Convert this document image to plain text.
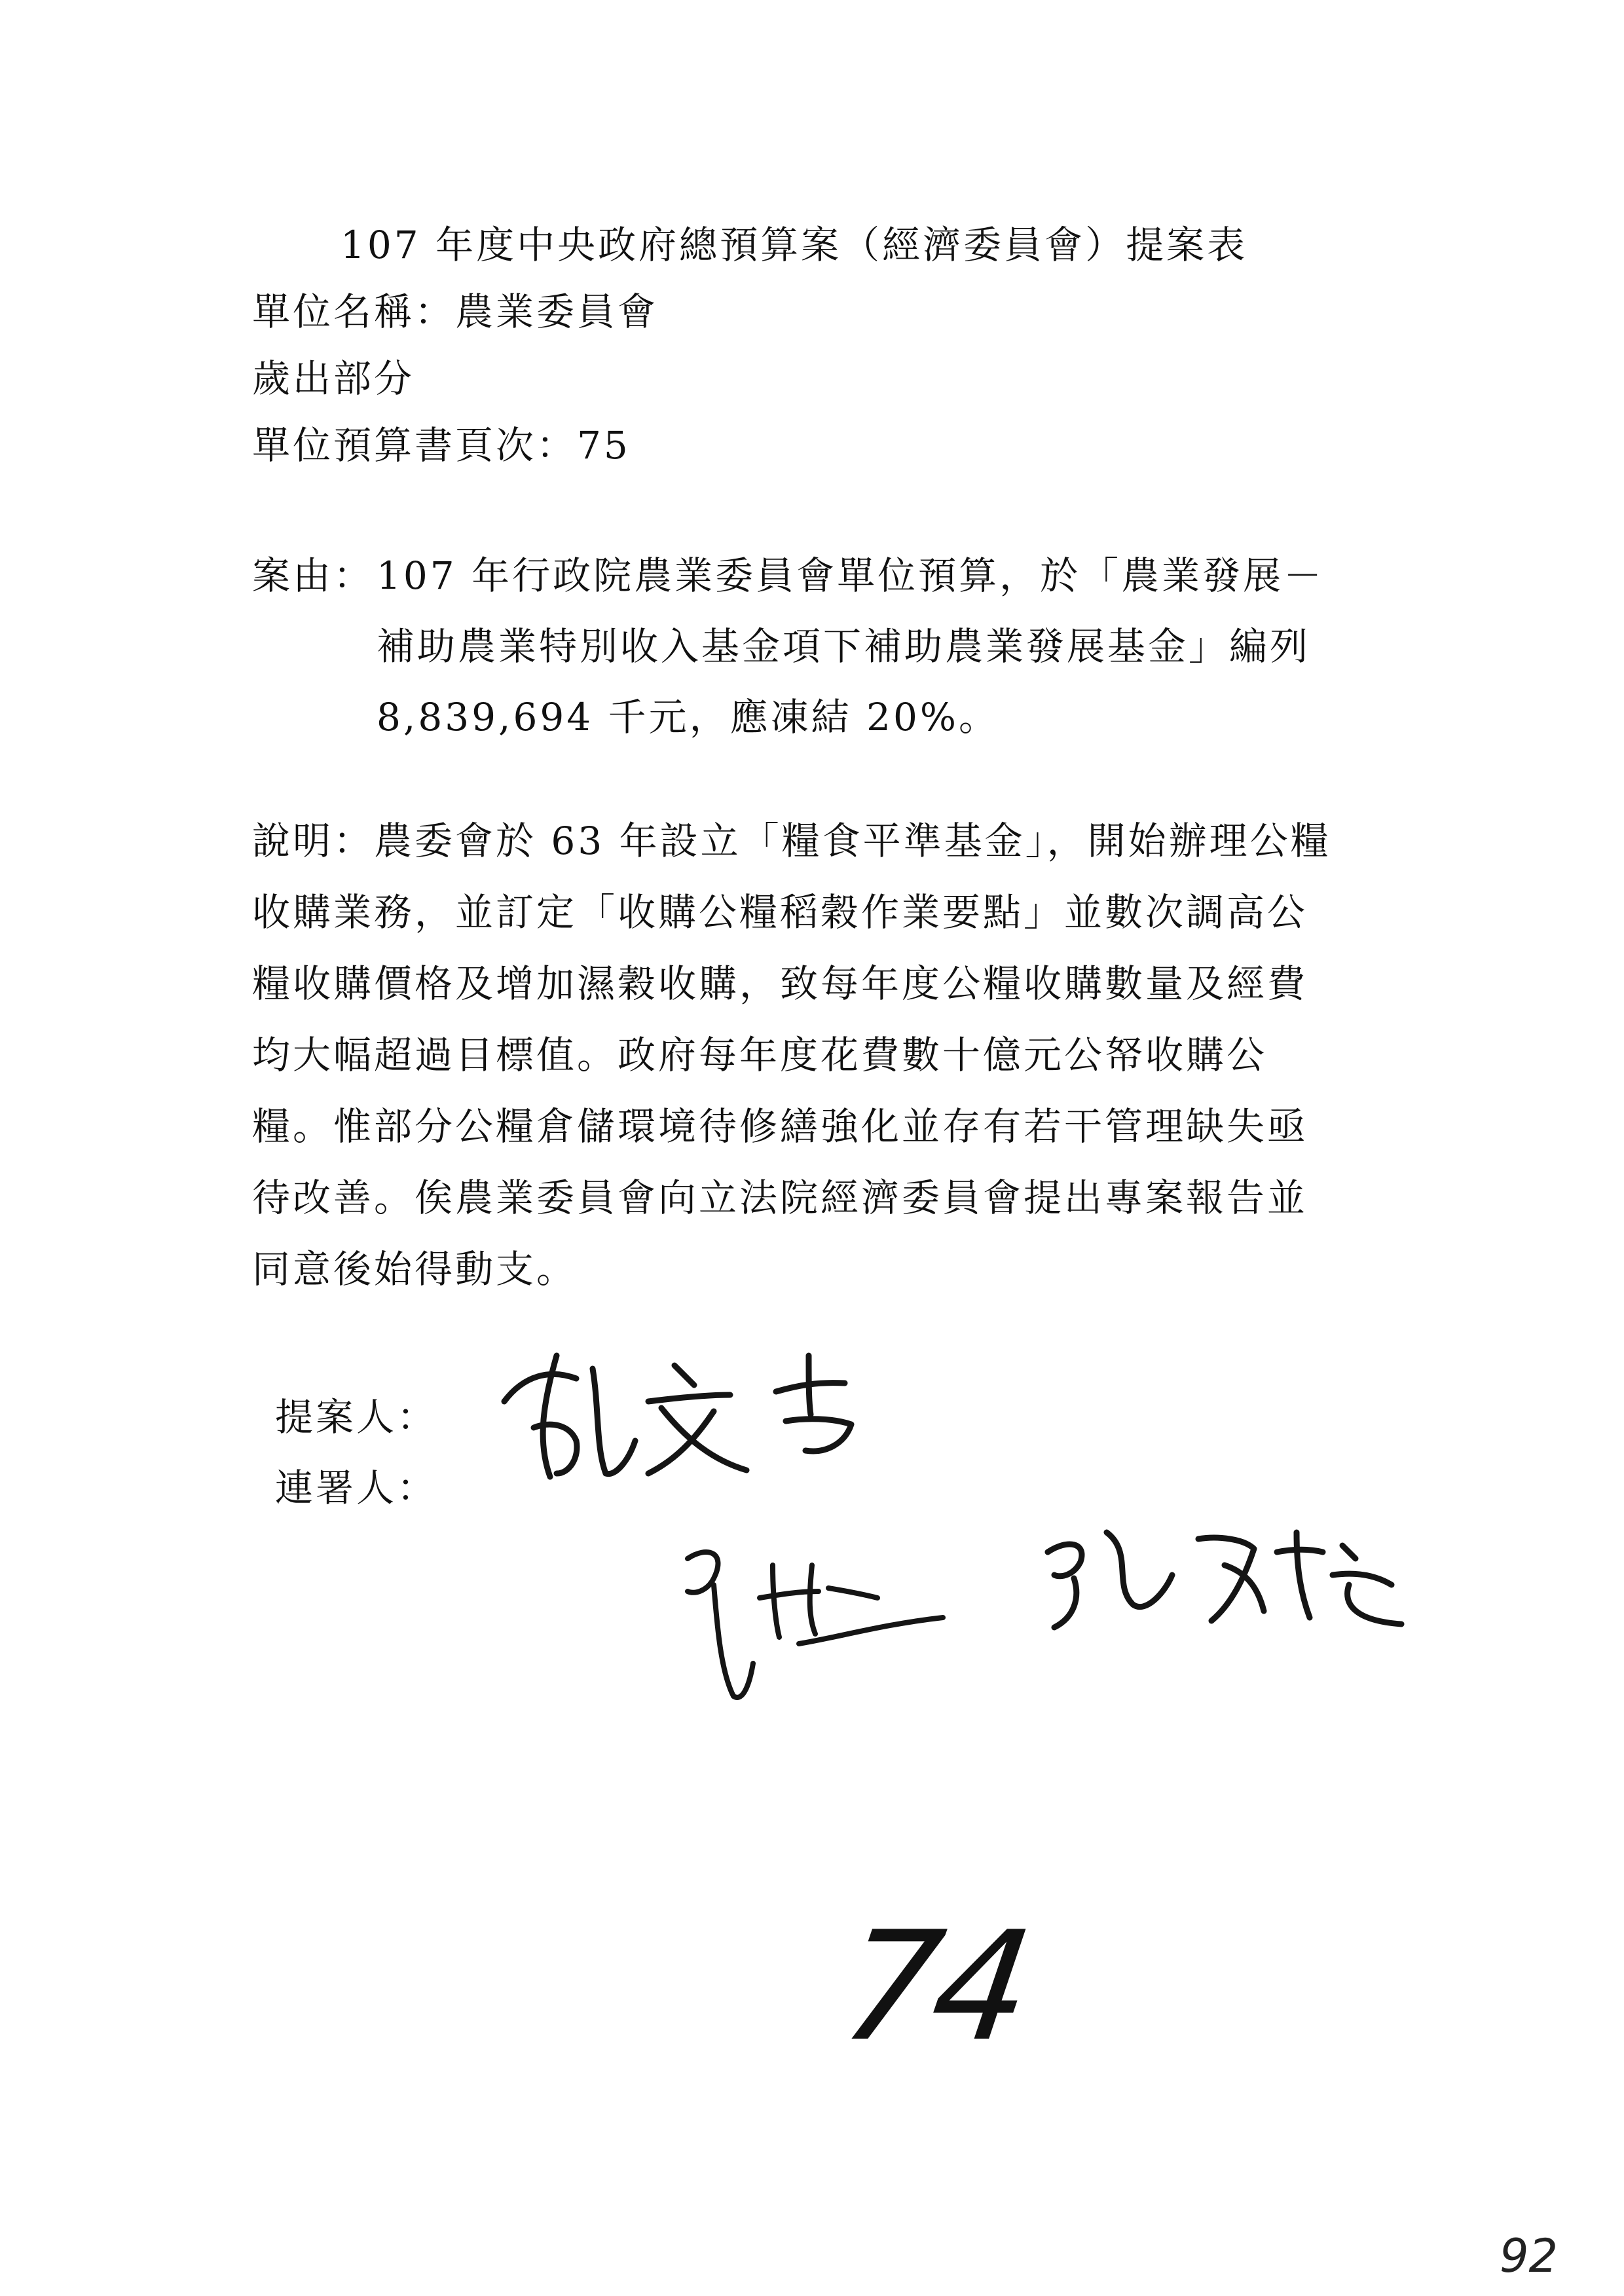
107 年度中央政府總預算案（經濟委員會）提案表
單位名稱：農業委員會
歲出部分
單位預算書頁次：75
案由： 107 年行政院農業委員會單位預算，於「農業發展－
補助農業特別收入基金項下補助農業發展基金」編列
8,839,694 千元，應凍結 20%。
說明：農委會於 63 年設立「糧食平準基金」，開始辦理公糧
收購業務，並訂定「收購公糧稻穀作業要點」並數次調高公
糧收購價格及增加濕穀收購，致每年度公糧收購數量及經費
均大幅超過目標值。政府每年度花費數十億元公帑收購公
糧。惟部分公糧倉儲環境待修繕強化並存有若干管理缺失亟
待改善。俟農業委員會向立法院經濟委員會提出專案報告並
同意後始得動支。
提案人：
連署人：
74
92
